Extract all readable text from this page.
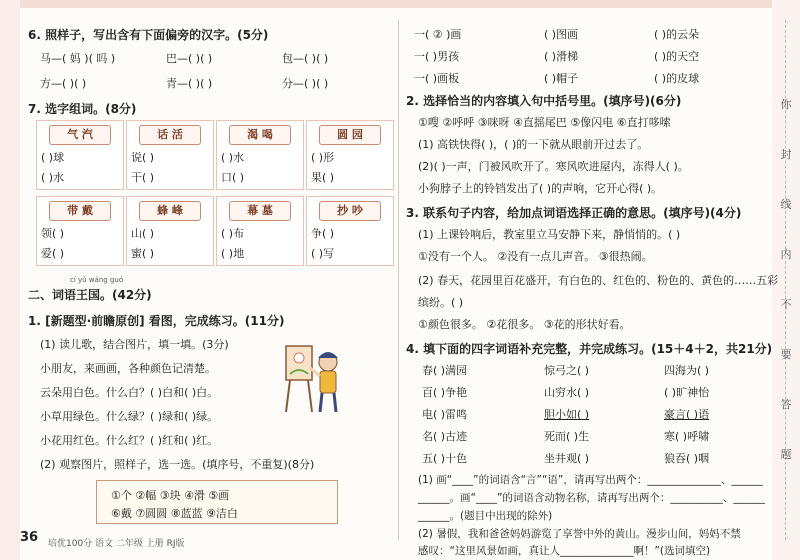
6. 照样子，写出含有下面偏旁的汉字。(5分)
马—( 妈 )( 吗 )	巴—( )( )	包—( )( )
方—( )( )	青—( )( )	分—( )( )
7. 选字组词。(8分)
气 汽
( )球
( )水
话 活
说( )
干( )
渴 喝
( )水
口( )
圆 园
( )形
果( )
带 戴
领( )
爱( )
蜂 峰
山( )
蜜( )
幕 墓
( )布
( )地
抄 吵
争( )
( )写
cí yǔ wáng guó
二、词语王国。(42分)
1. [新题型·前瞻原创] 看图，完成练习。(11分)
(1) 读儿歌，结合图片，填一填。(3分)
小朋友，来画画，各种颜色记清楚。
云朵用白色。什么白？( )白和( )白。
小草用绿色。什么绿？( )绿和( )绿。
小花用红色。什么红？( )红和( )红。
(2) 观察图片，照样子，选一选。(填序号，不重复)(8分)
①个 ②幅 ③块 ④滑 ⑤画
⑥戴 ⑦圆圆 ⑧蓝蓝 ⑨洁白
36 培优100分 语文 二年级 上册 RJ版
一( ② )画	( )图画	( )的云朵
一( )男孩	( )滑梯	( )的天空
一( )画板	( )帽子	( )的皮球
2. 选择恰当的内容填入句中括号里。(填序号)(6分)
①嗖 ②呼呼 ③咪呀 ④直摇尾巴 ⑤像闪电 ⑥直打哆嗦
(1) 高铁快得( )，( )的一下就从眼前开过去了。
(2)( )一声，门被风吹开了。寒风吹进屋内，冻得人( )。
小狗脖子上的铃铛发出了( )的声响，它开心得( )。
3. 联系句子内容，给加点词语选择正确的意思。(填序号)(4分)
(1) 上课铃响后，教室里立马安静下来，静悄悄的。( )
①没有一个人。 ②没有一点儿声音。 ③很热闹。
(2) 春天，花园里百花盛开，有白色的、红色的、粉色的、黄色的……五彩
缤纷。( )
①颜色很多。 ②花很多。 ③花的形状好看。
4. 填下面的四字词语补充完整，并完成练习。(15＋4＋2，共21分)
春( )满园	惊弓之( )	四海为( )
百( )争艳	山穷水( )	( )旷神怡
电( )雷鸣	胆小如( )	豪言( )语
名( )古迹	死而( )生	寒( )呼啸
五( )十色	坐井观( )	狼吞( )咽
(1) 画“____”的词语含“言”“语”，请再写出两个：______________、______
______。画“____”的词语含动物名称，请再写出两个：__________、______
______。(题目中出现的除外)
(2) 暑假，我和爸爸妈妈游览了享誉中外的黄山。漫步山间，妈妈不禁
感叹：“这里风景如画，真让人______________啊！”(选词填空)
你
封
线
内
不
要
答
题
